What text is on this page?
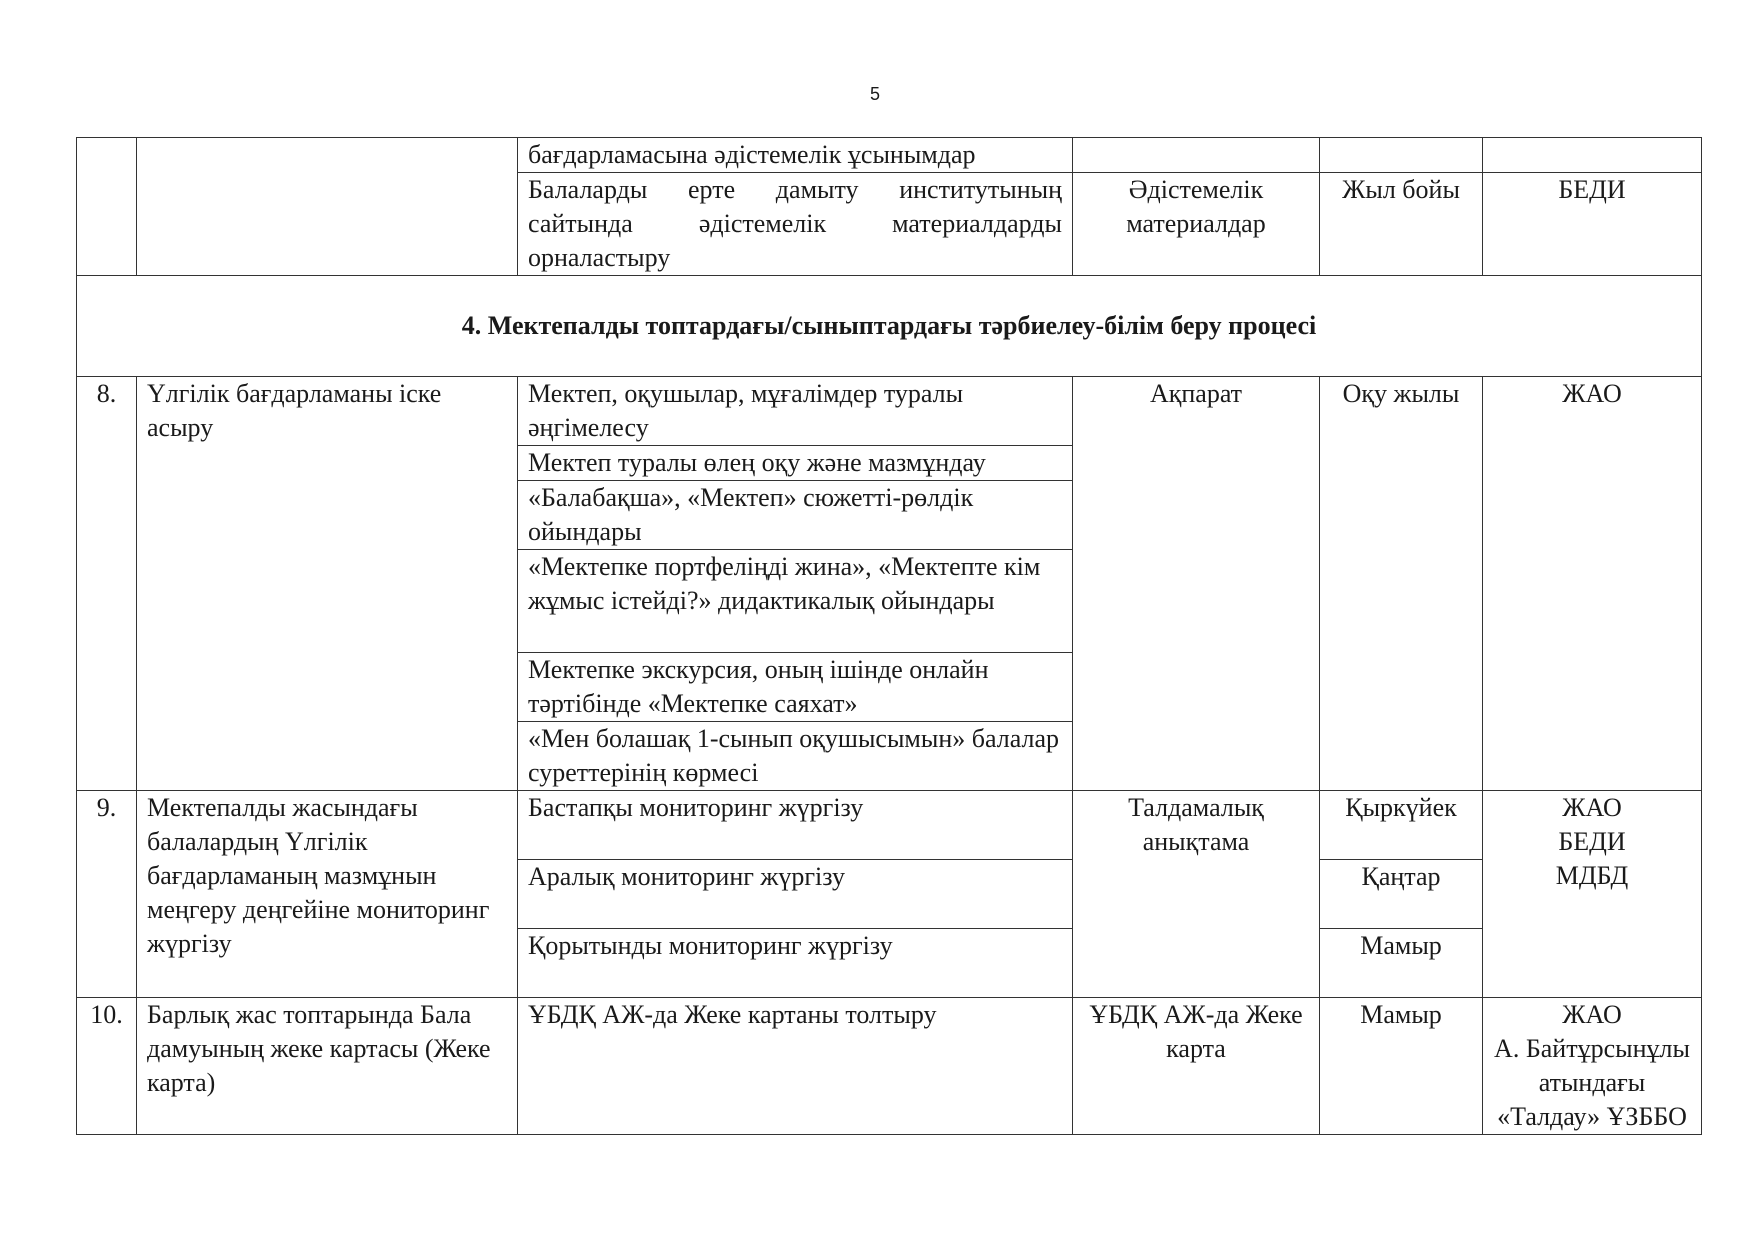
5
		бағдарламасына әдістемелік ұсынымдар			
		Балаларды ерте дамыту институтының сайтында әдістемелік материалдарды орналастыру	Әдістемелік материалдар	Жыл бойы	БЕДИ
4. Мектепалды топтардағы/сыныптардағы тәрбиелеу-білім беру процесі					
8.	Үлгілік бағдарламаны іске асыру	Мектеп, оқушылар, мұғалімдер туралы әңгімелесу	Ақпарат	Оқу жылы	ЖАО
		Мектеп туралы өлең оқу және мазмұндау			
		«Балабақша», «Мектеп» сюжетті-рөлдік ойындары			
		«Мектепке портфеліңді жина», «Мектепте кім жұмыс істейді?» дидактикалық ойындары			
		Мектепке экскурсия, оның ішінде онлайн тәртібінде «Мектепке саяхат»			
		«Мен болашақ 1-сынып оқушысымын» балалар суреттерінің көрмесі			
9.	Мектепалды жасындағы балалардың Үлгілік бағдарламаның мазмұнын меңгеру деңгейіне мониторинг жүргізу	Бастапқы мониторинг жүргізу	Талдамалық анықтама	Қыркүйек	ЖАО
БЕДИ
МДБД

		Аралық мониторинг жүргізу		Қаңтар	
		Қорытынды мониторинг жүргізу		Мамыр	
10.	Барлық жас топтарында Бала дамуының жеке картасы (Жеке карта)	ҰБДҚ АЖ-да Жеке картаны толтыру	ҰБДҚ АЖ-да Жеке карта	Мамыр	ЖАО
А. Байтұрсынұлы атындағы «Талдау» ҰЗББО
